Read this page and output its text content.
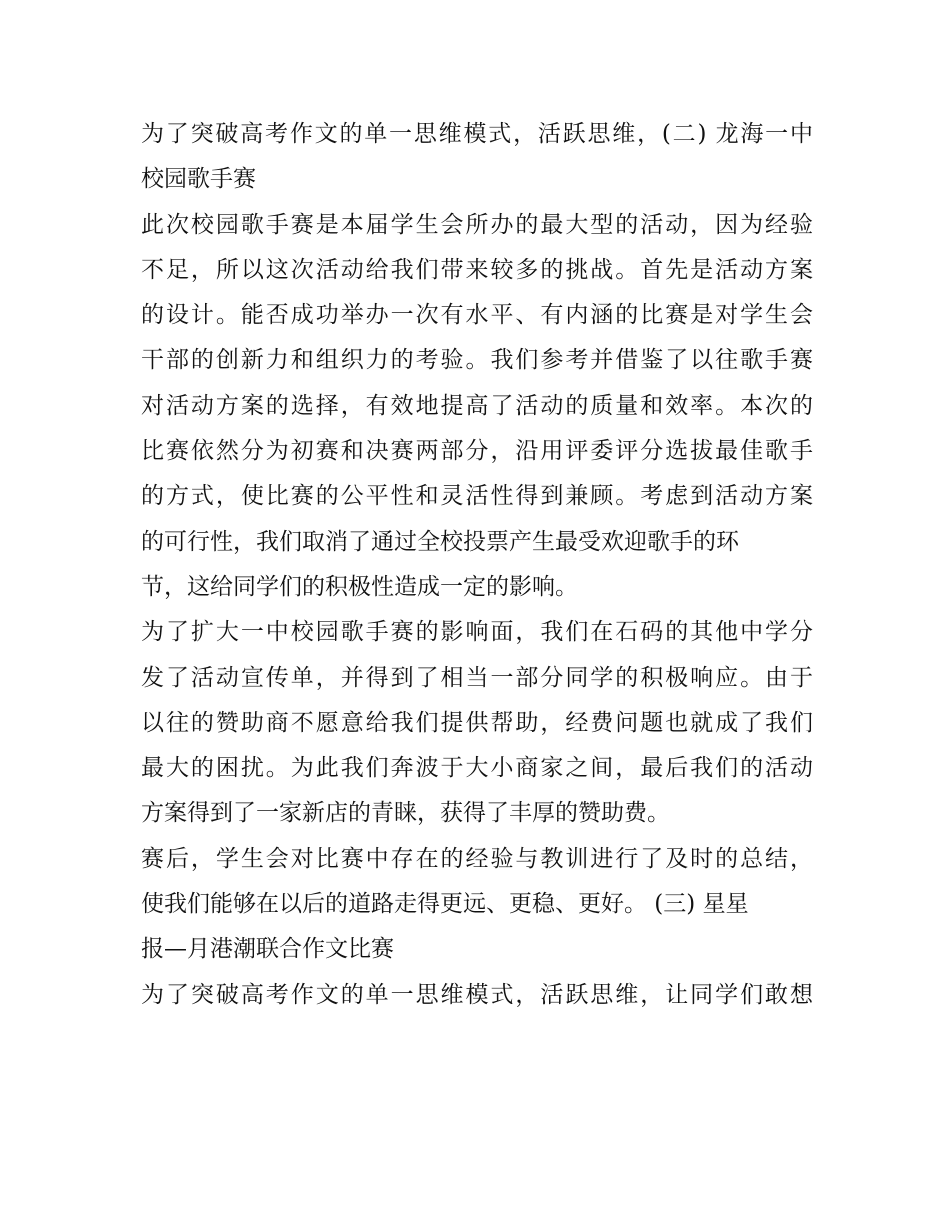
为了突破高考作文的单一思维模式，活跃思维，(二) 龙海一中
校园歌手赛
此次校园歌手赛是本届学生会所办的最大型的活动，因为经验
不足，所以这次活动给我们带来较多的挑战。首先是活动方案
的设计。能否成功举办一次有水平、有内涵的比赛是对学生会
干部的创新力和组织力的考验。我们参考并借鉴了以往歌手赛
对活动方案的选择，有效地提高了活动的质量和效率。本次的
比赛依然分为初赛和决赛两部分，沿用评委评分选拔最佳歌手
的方式，使比赛的公平性和灵活性得到兼顾。考虑到活动方案
的可行性，我们取消了通过全校投票产生最受欢迎歌手的环
节，这给同学们的积极性造成一定的影响。
为了扩大一中校园歌手赛的影响面，我们在石码的其他中学分
发了活动宣传单，并得到了相当一部分同学的积极响应。由于
以往的赞助商不愿意给我们提供帮助，经费问题也就成了我们
最大的困扰。为此我们奔波于大小商家之间，最后我们的活动
方案得到了一家新店的青睐，获得了丰厚的赞助费。
赛后，学生会对比赛中存在的经验与教训进行了及时的总结，
使我们能够在以后的道路走得更远、更稳、更好。 (三) 星星
报—月港潮联合作文比赛
为了突破高考作文的单一思维模式，活跃思维，让同学们敢想
